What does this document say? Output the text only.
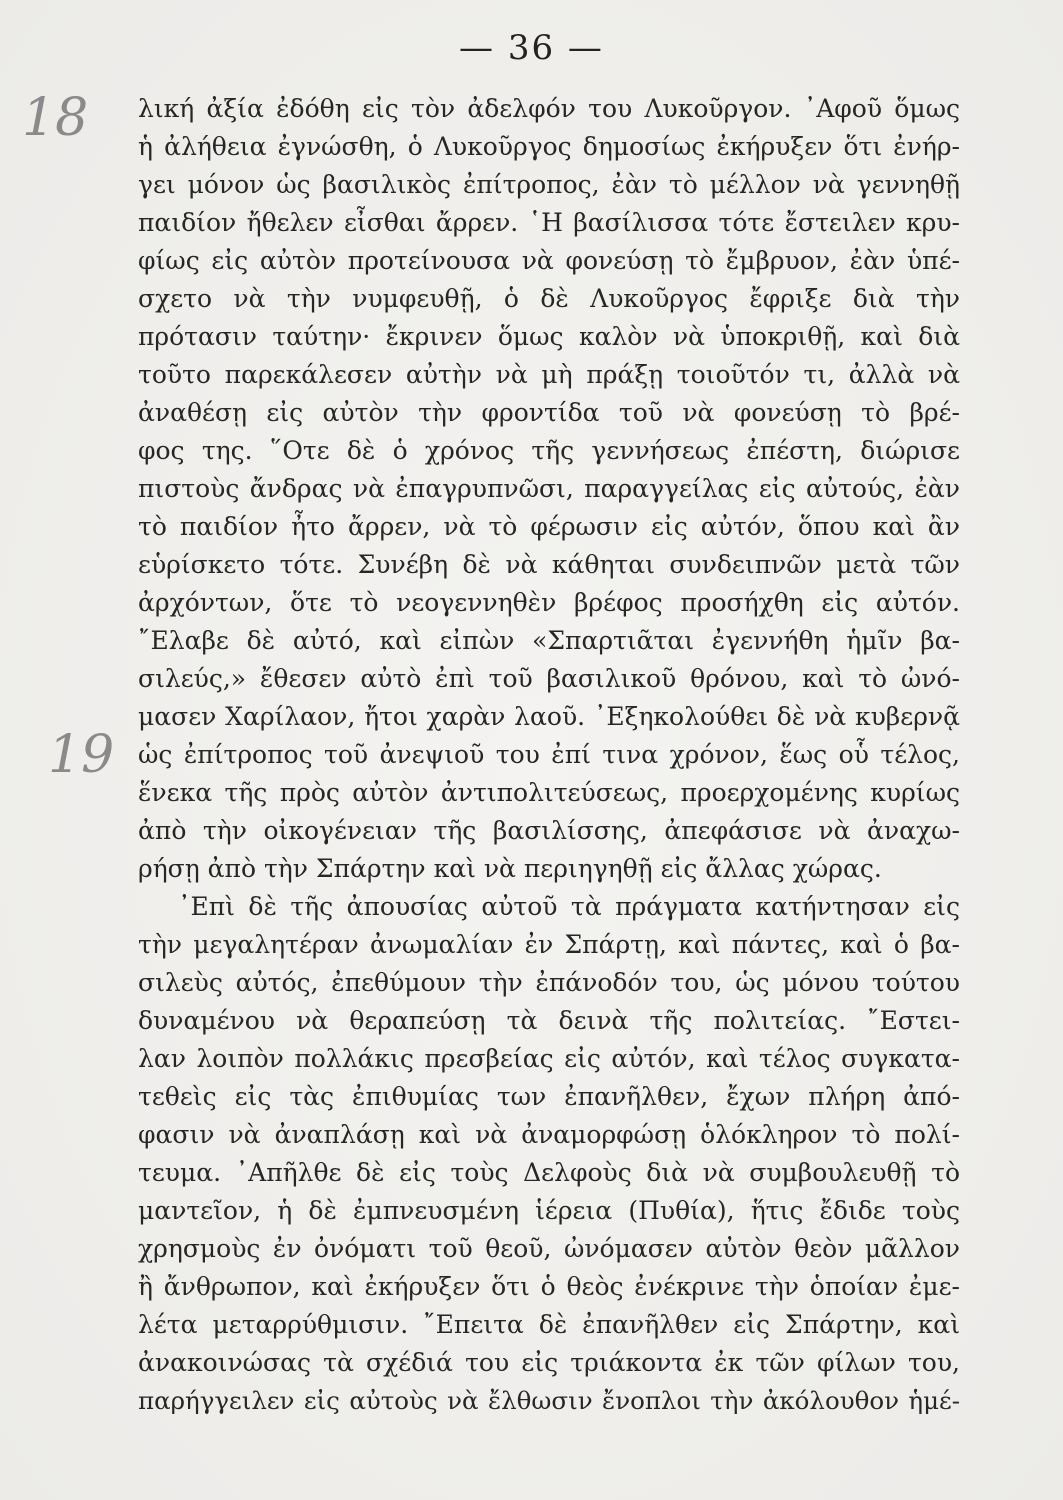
— 36 —
18
19
λική ἀξία ἐδόθη εἰς τὸν ἀδελφόν του Λυκοῦργον. ᾿Αφοῦ ὅμως
ἡ ἀλήθεια ἐγνώσθη, ὁ Λυκοῦργος δημοσίως ἐκήρυξεν ὅτι ἐνήρ-
γει μόνον ὡς βασιλικὸς ἐπίτροπος, ἐὰν τὸ μέλλον νὰ γεννηθῇ
παιδίον ἤθελεν εἶσθαι ἄρρεν. ῾Η βασίλισσα τότε ἔστειλεν κρυ-
φίως εἰς αὐτὸν προτείνουσα νὰ φονεύσῃ τὸ ἔμβρυον, ἐὰν ὑπέ-
σχετο νὰ τὴν νυμφευθῇ, ὁ δὲ Λυκοῦργος ἔφριξε διὰ τὴν
πρότασιν ταύτην· ἔκρινεν ὅμως καλὸν νὰ ὑποκριθῇ, καὶ διὰ
τοῦτο παρεκάλεσεν αὐτὴν νὰ μὴ πράξῃ τοιοῦτόν τι, ἀλλὰ νὰ
ἀναθέσῃ εἰς αὐτὸν τὴν φροντίδα τοῦ νὰ φονεύσῃ τὸ βρέ-
φος της. ῞Οτε δὲ ὁ χρόνος τῆς γεννήσεως ἐπέστη, διώρισε
πιστοὺς ἄνδρας νὰ ἐπαγρυπνῶσι, παραγγείλας εἰς αὐτούς, ἐὰν
τὸ παιδίον ἦτο ἄρρεν, νὰ τὸ φέρωσιν εἰς αὐτόν, ὅπου καὶ ἂν
εὑρίσκετο τότε. Συνέβη δὲ νὰ κάθηται συνδειπνῶν μετὰ τῶν
ἀρχόντων, ὅτε τὸ νεογεννηθὲν βρέφος προσήχθη εἰς αὐτόν.
῎Ελαβε δὲ αὐτό, καὶ εἰπὼν «Σπαρτιᾶται ἐγεννήθη ἡμῖν βα-
σιλεύς,» ἔθεσεν αὐτὸ ἐπὶ τοῦ βασιλικοῦ θρόνου, καὶ τὸ ὠνό-
μασεν Χαρίλαον, ἤτοι χαρὰν λαοῦ. ᾿Εξηκολούθει δὲ νὰ κυβερνᾷ
ὡς ἐπίτροπος τοῦ ἀνεψιοῦ του ἐπί τινα χρόνον, ἕως οὗ τέλος,
ἕνεκα τῆς πρὸς αὐτὸν ἀντιπολιτεύσεως, προερχομένης κυρίως
ἀπὸ τὴν οἰκογένειαν τῆς βασιλίσσης, ἀπεφάσισε νὰ ἀναχω-
ρήσῃ ἀπὸ τὴν Σπάρτην καὶ νὰ περιηγηθῇ εἰς ἄλλας χώρας.
᾿Επὶ δὲ τῆς ἀπουσίας αὐτοῦ τὰ πράγματα κατήντησαν εἰς
τὴν μεγαλητέραν ἀνωμαλίαν ἐν Σπάρτῃ, καὶ πάντες, καὶ ὁ βα-
σιλεὺς αὐτός, ἐπεθύμουν τὴν ἐπάνοδόν του, ὡς μόνου τούτου
δυναμένου νὰ θεραπεύσῃ τὰ δεινὰ τῆς πολιτείας. ῎Εστει-
λαν λοιπὸν πολλάκις πρεσβείας εἰς αὐτόν, καὶ τέλος συγκατα-
τεθεὶς εἰς τὰς ἐπιθυμίας των ἐπανῆλθεν, ἔχων πλήρη ἀπό-
φασιν νὰ ἀναπλάσῃ καὶ νὰ ἀναμορφώσῃ ὁλόκληρον τὸ πολί-
τευμα. ᾿Απῆλθε δὲ εἰς τοὺς Δελφοὺς διὰ νὰ συμβουλευθῇ τὸ
μαντεῖον, ἡ δὲ ἐμπνευσμένη ἱέρεια (Πυθία), ἥτις ἔδιδε τοὺς
χρησμοὺς ἐν ὀνόματι τοῦ θεοῦ, ὠνόμασεν αὐτὸν θεὸν μᾶλλον
ἢ ἄνθρωπον, καὶ ἐκήρυξεν ὅτι ὁ θεὸς ἐνέκρινε τὴν ὁποίαν ἐμε-
λέτα μεταρρύθμισιν. ῎Επειτα δὲ ἐπανῆλθεν εἰς Σπάρτην, καὶ
ἀνακοινώσας τὰ σχέδιά του εἰς τριάκοντα ἐκ τῶν φίλων του,
παρήγγειλεν εἰς αὐτοὺς νὰ ἔλθωσιν ἔνοπλοι τὴν ἀκόλουθον ἡμέ-
